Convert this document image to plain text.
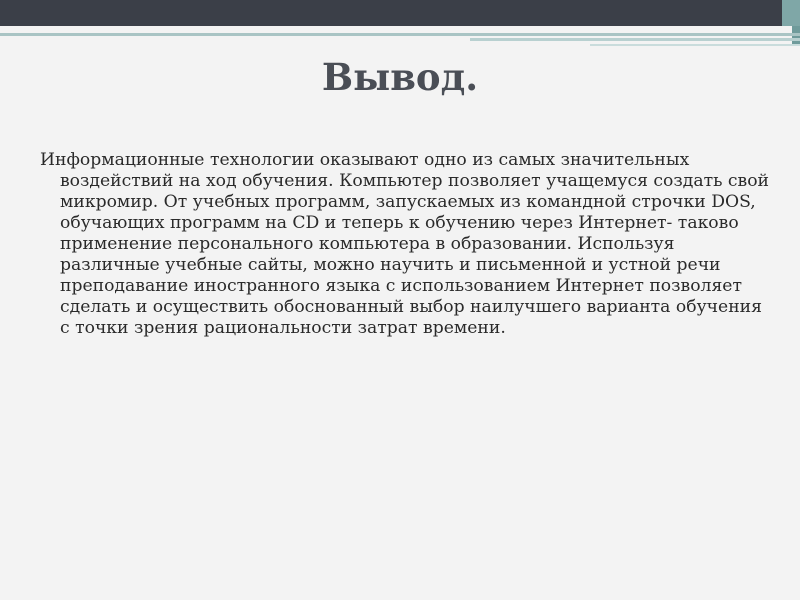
Вывод.
Информационные технологии оказывают одно из самых значительных воздействий на ход обучения. Компьютер позволяет учащемуся создать свой микромир. От учебных программ, запускаемых из командной строчки DOS, обучающих программ на CD и теперь к обучению через Интернет- таково применение персонального компьютера в образовании. Используя различные учебные сайты, можно научить и письменной и устной речи преподавание иностранного языка с использованием Интернет позволяет сделать и осуществить обоснованный выбор наилучшего варианта обучения с точки зрения рациональности затрат времени.
